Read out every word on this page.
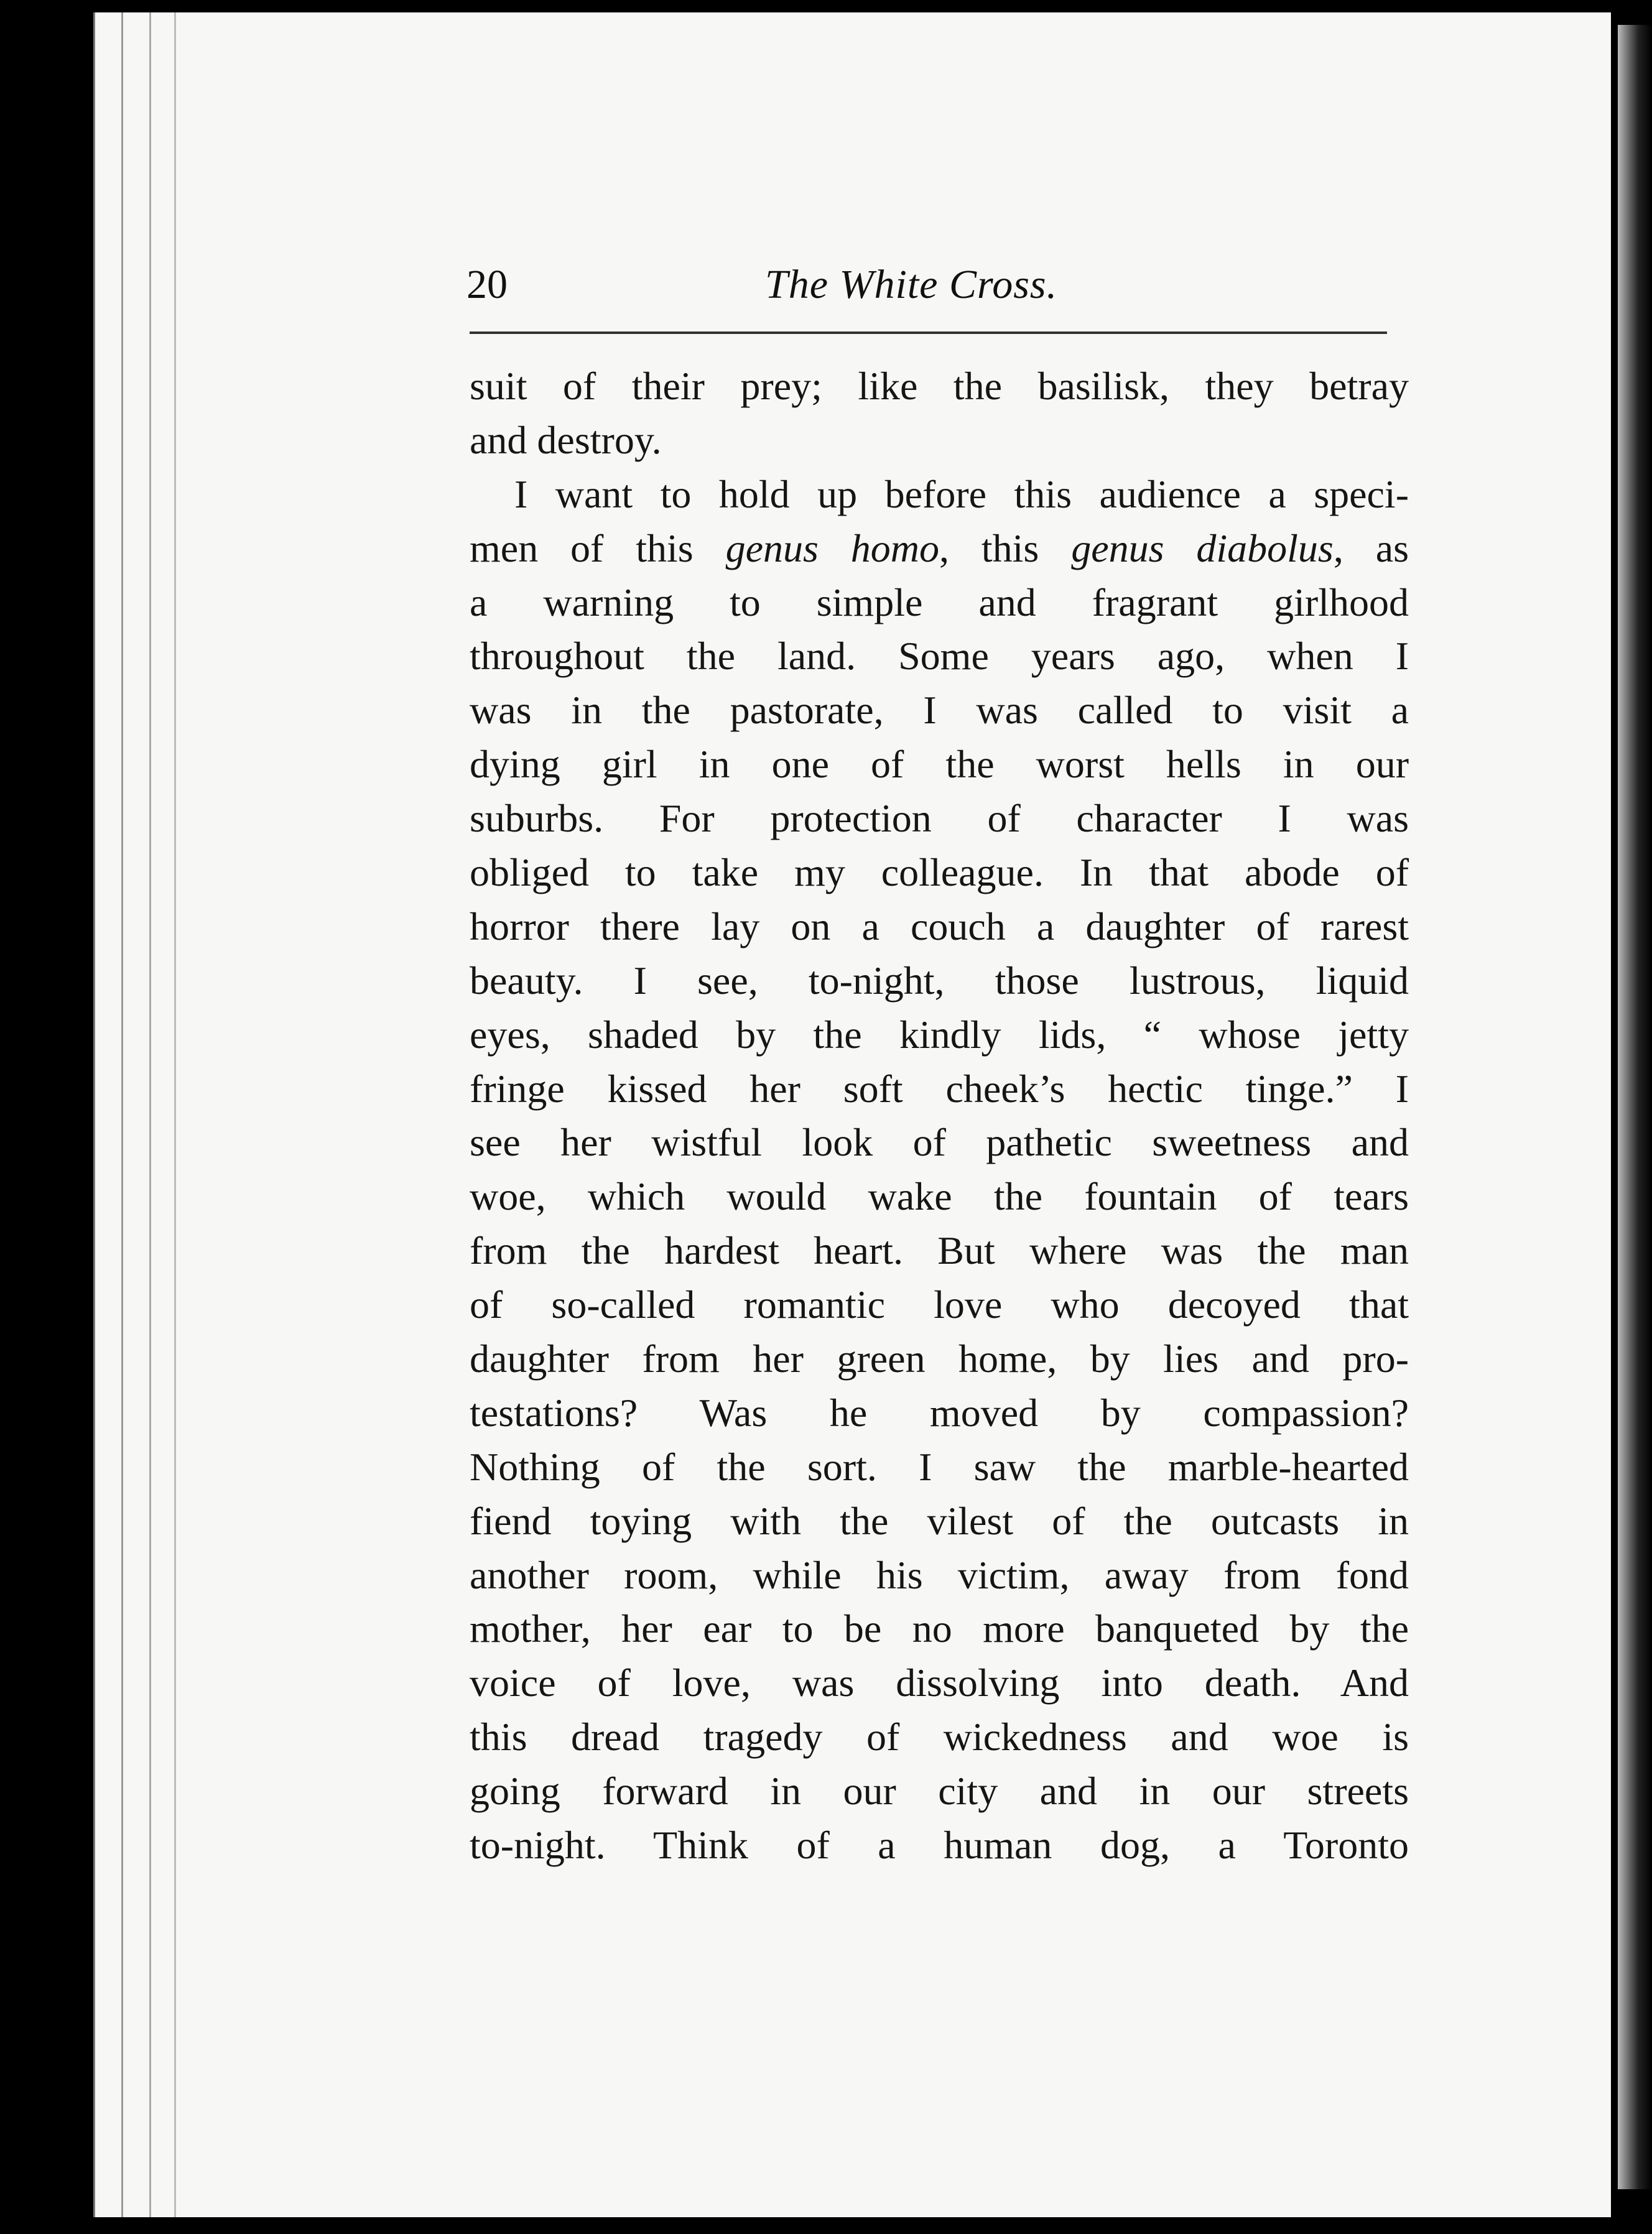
20	The White Cross.
suit of their prey; like the basilisk, they betray
and destroy.
I want to hold up before this audience a speci-
men of this genus homo, this genus diabolus, as
a warning to simple and fragrant girlhood
throughout the land. Some years ago, when I
was in the pastorate, I was called to visit a
dying girl in one of the worst hells in our
suburbs. For protection of character I was
obliged to take my colleague. In that abode of
horror there lay on a couch a daughter of rarest
beauty. I see, to-night, those lustrous, liquid
eyes, shaded by the kindly lids, “ whose jetty
fringe kissed her soft cheek’s hectic tinge.” I
see her wistful look of pathetic sweetness and
woe, which would wake the fountain of tears
from the hardest heart. But where was the man
of so-called romantic love who decoyed that
daughter from her green home, by lies and pro-
testations? Was he moved by compassion?
Nothing of the sort. I saw the marble-hearted
fiend toying with the vilest of the outcasts in
another room, while his victim, away from fond
mother, her ear to be no more banqueted by the
voice of love, was dissolving into death. And
this dread tragedy of wickedness and woe is
going forward in our city and in our streets
to-night. Think of a human dog, a Toronto
